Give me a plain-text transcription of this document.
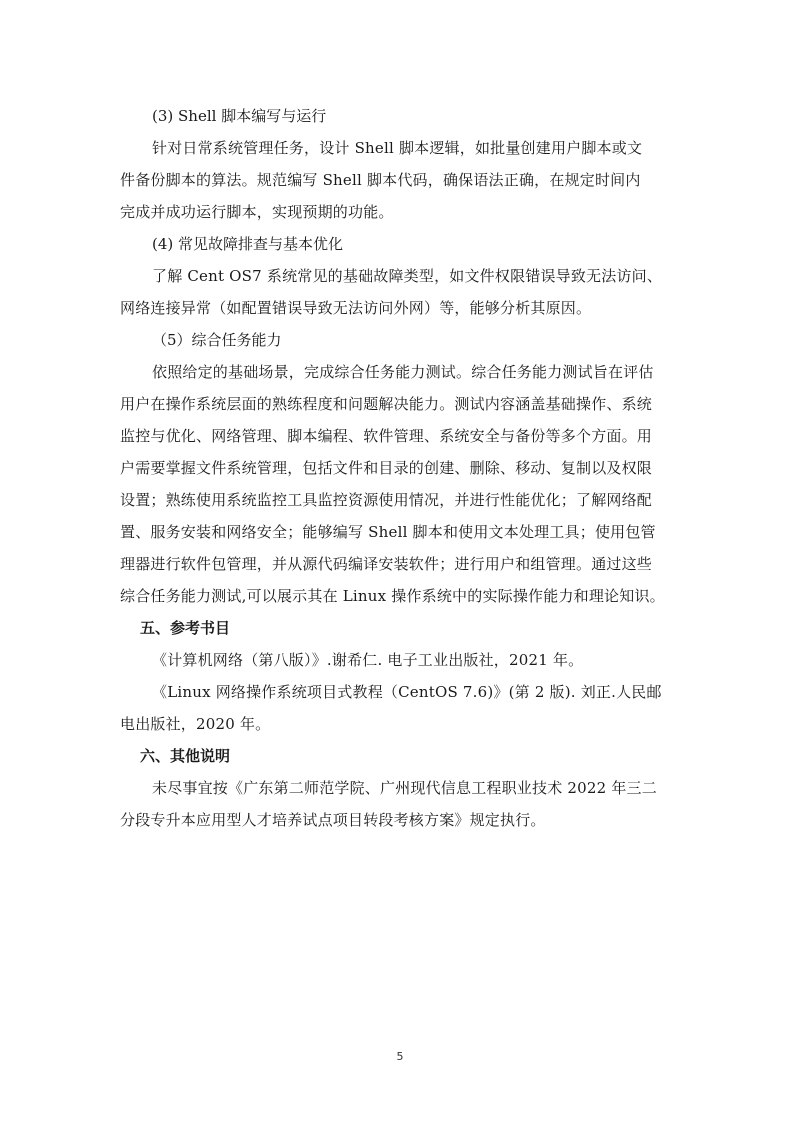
(3) Shell 脚本编写与运行

针对日常系统管理任务，设计 Shell 脚本逻辑，如批量创建用户脚本或文
件备份脚本的算法。规范编写 Shell 脚本代码，确保语法正确，在规定时间内
完成并成功运行脚本，实现预期的功能。

(4) 常见故障排查与基本优化

了解 Cent OS7 系统常见的基础故障类型，如文件权限错误导致无法访问、
网络连接异常（如配置错误导致无法访问外网）等，能够分析其原因。

（5）综合任务能力

依照给定的基础场景，完成综合任务能力测试。综合任务能力测试旨在评估
用户在操作系统层面的熟练程度和问题解决能力。测试内容涵盖基础操作、系统
监控与优化、网络管理、脚本编程、软件管理、系统安全与备份等多个方面。用
户需要掌握文件系统管理，包括文件和目录的创建、删除、移动、复制以及权限
设置；熟练使用系统监控工具监控资源使用情况，并进行性能优化；了解网络配
置、服务安装和网络安全；能够编写 Shell 脚本和使用文本处理工具；使用包管
理器进行软件包管理，并从源代码编译安装软件；进行用户和组管理。通过这些
综合任务能力测试,可以展示其在 Linux 操作系统中的实际操作能力和理论知识。

五、参考书目

《计算机网络（第八版）》.谢希仁. 电子工业出版社，2021 年。

《Linux 网络操作系统项目式教程（CentOS 7.6)》(第 2 版). 刘正.人民邮
电出版社，2020 年。

六、其他说明

未尽事宜按《广东第二师范学院、广州现代信息工程职业技术 2022 年三二
分段专升本应用型人才培养试点项目转段考核方案》规定执行。

5
